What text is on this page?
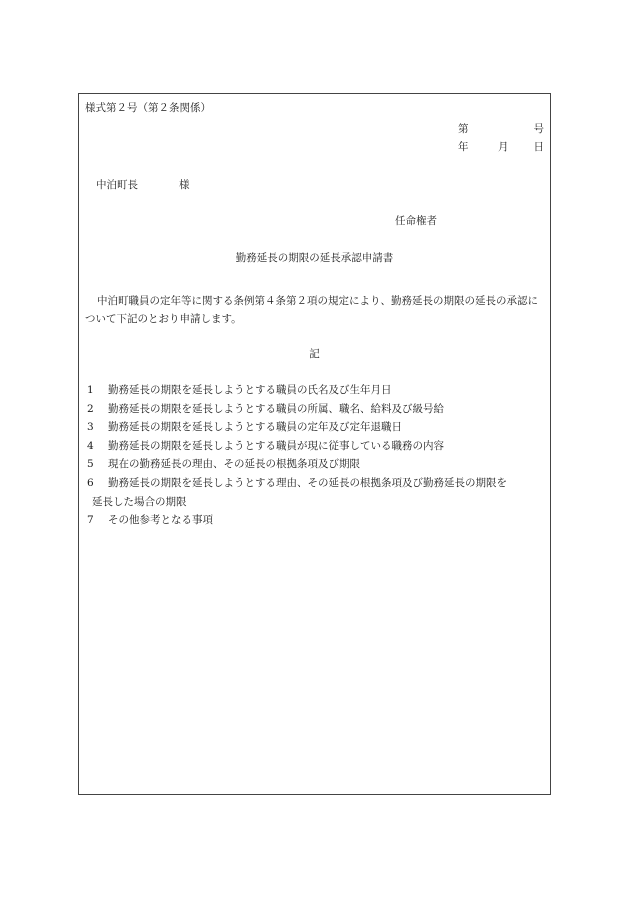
様式第２号（第２条関係）
第	号
年	月 日
中泊町長	様
任命権者
勤務延長の期限の延長承認申請書
中泊町職員の定年等に関する条例第４条第２項の規定により、勤務延長の期限の延長の承認について下記のとおり申請します。
記
1 勤務延長の期限を延長しようとする職員の氏名及び生年月日
2 勤務延長の期限を延長しようとする職員の所属、職名、給料及び級号給
3 勤務延長の期限を延長しようとする職員の定年及び定年退職日
4 勤務延長の期限を延長しようとする職員が現に従事している職務の内容
5 現在の勤務延長の理由、その延長の根拠条項及び期限
6 勤務延長の期限を延長しようとする理由、その延長の根拠条項及び勤務延長の期限を
延長した場合の期限
7 その他参考となる事項
